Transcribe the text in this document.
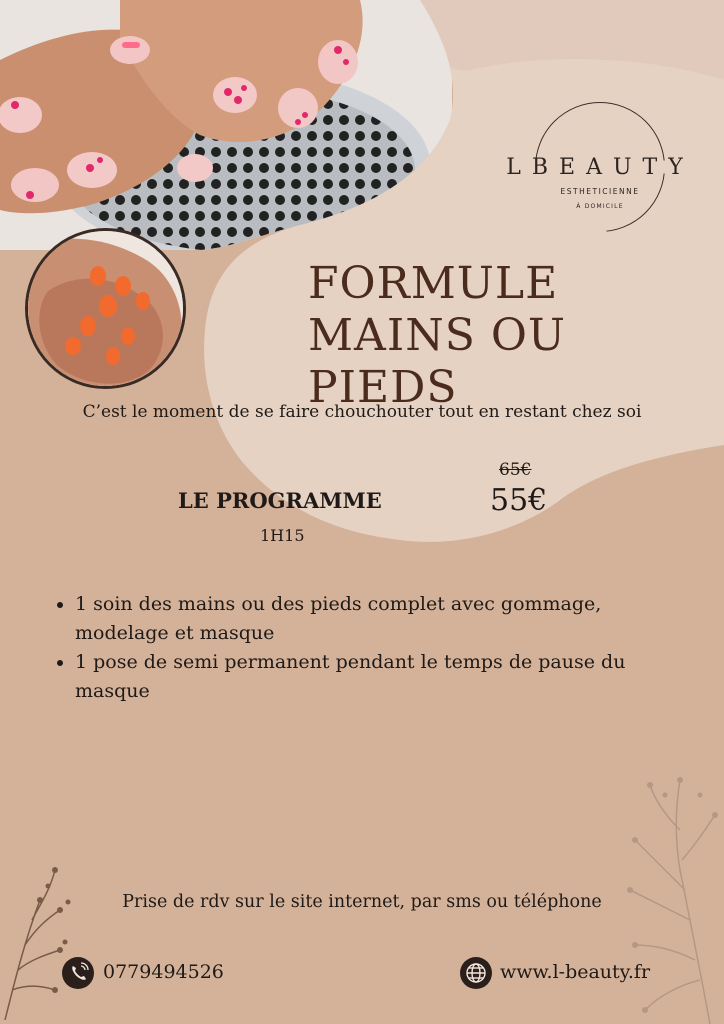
LBEAUTY
ESTHETICIENNE
À DOMICILE
FORMULE
MAINS OU PIEDS
C’est le moment de se faire chouchouter tout en restant chez soi
LE PROGRAMME
1H15
65€
55€
• 1 soin des mains ou des pieds complet avec gommage, modelage et masque
• 1 pose de semi permanent pendant le temps de pause du masque
Prise de rdv sur le site internet, par sms ou téléphone
0779494526	www.l-beauty.fr
